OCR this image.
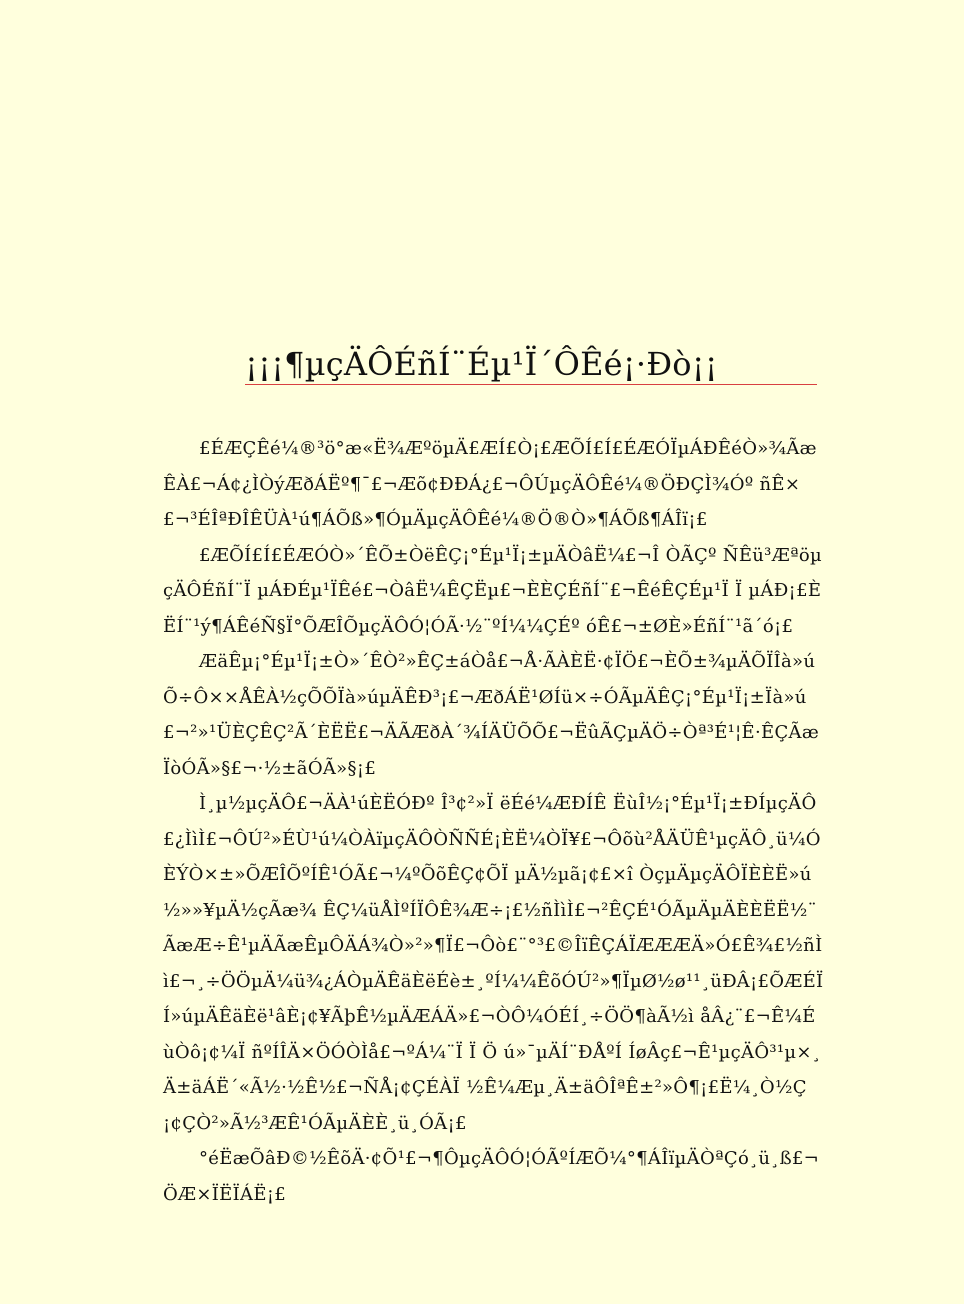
¡¡¡¶µçÄÔÉñÍ¨Éµ¹Ï´ÔÊé¡·Ðò¡¡

£ÉÆÇÊé¼®³ö°æ«Ë¾ÆºöµÄ£ÆÍ£Ò¡£ÆÕÍ£Í£ÉÆÓÏµÁÐÊéÒ»¾ÃæÊÀ£¬Á¢¿ÌÒýÆðÁËº¶¯£¬Æõ¢ÐÐÁ¿£¬ÔÚµçÄÔÊé¼®ÖÐÇÌ¾Óº ñÊ×£¬³ÉÎªÐÎÊÜÀ¹ú¶ÁÕß»¶ÓµÄµçÄÔÊé¼®Ö®Ò»¶ÁÕß¶ÁÎï¡£

£ÆÕÍ£Í£ÉÆÓÒ»´ÊÕ±ÒëÊÇ¡°Éµ¹Ï¡±µÄÒâË¼£¬Î ÒÃÇº ÑÊü³ÆªöµçÄÔÉñÍ¨Ï µÁÐÉµ¹ÏÊé£¬ÒâË¼ÊÇËµ£¬ÈÈÇÉñÍ¨£¬ÊéÊÇÉµ¹Ï Ï µÁÐ¡£ÈËÍ¨¹ý¶ÁÊéÑ§Ï°ÕÆÎÕµçÄÔÓ¦ÓÃ·½¨ºÍ¼¼ÇÉº óÊ£¬±ØÈ»ÉñÍ¨¹ã´ó¡£

ÆäÊµ¡°Éµ¹Ï¡±Ò»´ÊÒ²»ÊÇ±áÒå£¬Å·ÃÀÈË·¢ÏÖ£¬ÈÕ±¾µÄÕÏÎà»úÕ÷Ô××ÅÊÀ½çÕÕÏà»úµÄÊÐ³¡£¬ÆðÁË¹ØÍü×÷ÓÃµÄÊÇ¡°Éµ¹Ï¡±Ïà»ú£¬²»¹ÜÈÇÊÇ²Ã´ÈËË£¬ÄÃÆðÀ´¾ÍÄÜÕÕ£¬ËûÃÇµÄÖ÷Òª³É¹¦Ê·ÊÇÃæÏòÓÃ»§£¬·½±ãÓÃ»§¡£

Ì¸µ½µçÄÔ£¬ÄÀ¹úÈËÓÐº Î³¢²»Ï ëÉé¼ÆÐÍÊ ËùÎ½¡°Éµ¹Ï¡±ÐÍµçÄÔ£¿ÌìÌ£¬ÔÚ²»ÉÙ¹ú¼ÒÀïµçÄÔÒÑÑÉ¡ÈË¼ÒÏ¥£¬Ôõù²ÅÄÜÊ¹µçÄÔ¸ü¼ÓÈÝÒ×±»ÕÆÎÕºÍÊ¹ÓÃ£¬¼ºÕõÊÇ¢ÕÏ µÄ½µã¡¢£×î ÒçµÄµçÄÔÏÈÈË»ú½»»¥µÄ½çÃæ¾ ÊÇ¼üÅÌºÍÏÔÊ¾Æ÷¡£½ñÌìÌ£¬²ÊÇÉ¹ÓÃµÄµÄÈÈËË½¨ ÃæÆ÷Ê¹µÄÃæÊµÔÄÁ¾Ò»²»¶Ï£¬Ôò£¨°³£©ÎïÊÇÁÏÆÆÆÄ»Ó£Ê¾£½ñÌì£¬¸÷ÖÖµÄ¼ü¾¿ÁÒµÄÊäÈëÉè±¸ºÍ¼¼ÊõÓÚ²»¶ÏµØ½ø¹¹¸üÐÂ¡£ÕÆÉÏÍ»úµÄÊäÈë¹âÈ¡¢¥ÃþÊ½µÄÆÁÄ»£¬ÒÔ¼ÓÉÍ¸÷ÖÖ¶àÃ½ì åÂ¿¨£¬Ê¼É ùÒô¡¢¼Ï ñºÍÎÄ×ÖÓÒÌå£¬ºÁ¼¨Ï Ï Ö ú»¯µÄÍ¨ÐÅºÍ ÍøÂç£¬Ê¹µçÄÔ³¹µ×¸Ä±äÁË´«Ã½·½Ê½£¬ÑÅ¡¢ÇÉÀÏ ½Ê¼Æµ¸Ä±äÔÎªÊ±²»Ô¶¡£Ë¼¸Ò½Ç¡¢ÇÒ²»Ã½³ÆÊ¹ÓÃµÄÈÈ¸ü¸ÓÃ¡£

°éËæÕâÐ©½ÊõÄ·¢Õ¹£¬¶ÔµçÄÔÓ¦ÓÃºÍÆÕ¼°¶ÁÎïµÄÒªÇó¸ü¸ß£¬ÖÆ×ÏËÏÁË¡£
